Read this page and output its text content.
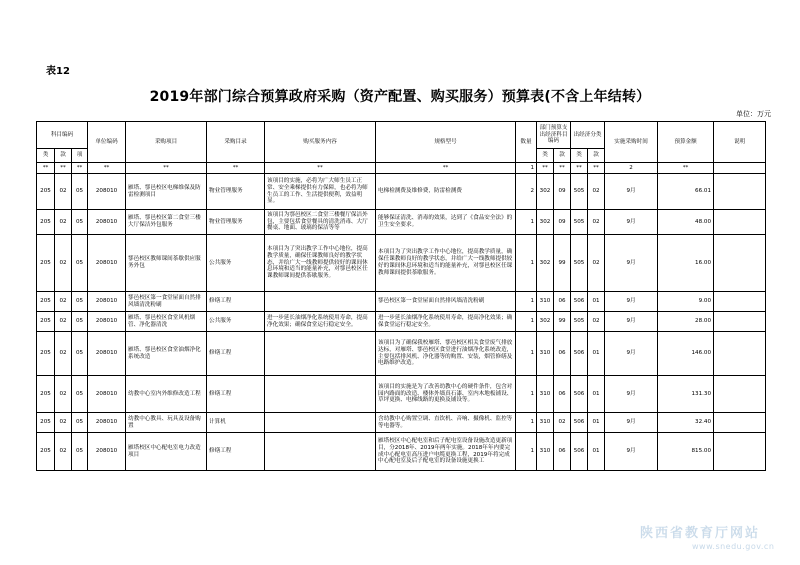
表12
2019年部门综合预算政府采购（资产配置、购买服务）预算表(不含上年结转）
单位：万元
科目编码			单位编码	采购项目	采购目录	购买服务内容	规格型号	数量	部门预算支出经济科目编码		出经济分类		实施采购时间	预算金额	说明
类	款	项							类	款	类	款			
**	**	**	**	**	**	**	**	1	**	**	**	**	2	**	
205	02	05	208010	雁塔、鄠邑校区电梯维保及防雷检测项目	物业管理服务	该项目的实施，必将为广大师生员工正常、安全乘梯提供有力保障，也必将为师生员工的工作、生活提供便利，效益明显。	电梯检测费及维修费，防雷检测费	2	302	09	505	02	9月	66.01	
205	02	05	208010	雁塔、鄠邑校区第二食堂三楼大厅保洁外包服务	物业管理服务	该项目为鄠邑校区二食堂三楼餐厅保洁外包，主要包括食堂餐具的清洗消毒、大厅餐桌、地面、玻璃的保洁等等	能够保证清洗、消毒的效果，达到了《食品安全法》的卫生安全要求。	1	302	09	505	02	9月	48.00	
205	02	05	208010	鄠邑校区教师课间茶歇供应服务外包	公共服务	本项目为了突出教学工作中心地位，提高教学质量，确保任课教师良好的教学状态，并给广大一线教师提供较好的课间休息环境和适当的能量补充，对鄠邑校区任课教师课间提供茶歇服务。	本项目为了突出教学工作中心地位，提高教学质量，确保任课教师良好的教学状态，并给广大一线教师提供较好的课间休息环境和适当的能量补充，对鄠邑校区任课教师课间提供茶歇服务。	1	302	99	505	02	9月	16.00	
205	02	05	208010	鄠邑校区第一食堂屋面自然排风墙清洗粉刷	修缮工程		鄠邑校区第一食堂屋面自然排风墙清洗粉刷	1	310	06	506	01	9月	9.00	
205	02	05	208010	雁塔、鄠邑校区食堂风机烟管、净化器清洗	公共服务	进一步延长油烟净化系统使用寿命，提高净化效果；确保食堂运行稳定安全。	进一步延长油烟净化系统使用寿命，提高净化效果；确保食堂运行稳定安全。	1	302	99	505	02	9月	28.00	
205	02	05	208010	雁塔、鄠邑校区食堂油烟净化系统改造	修缮工程		该项目为了确保我校雁塔、鄠邑校区相关食堂废气排放达标，对雁塔、鄠邑校区食堂进行油烟净化系统改造，主要包括排风机、净化器等的购置、安装，烟管修缮及电路维护改造。	1	310	06	506	01	9月	146.00	
205	02	05	208010	幼教中心室内外维修改造工程	修缮工程		该项目的实施是为了改善幼教中心的硬件条件，包含对园内路面的改造、楼体外墙真石漆、室内木地板铺设、草坪更换、电梯线路的更换及铺设等。	1	310	06	506	01	9月	131.30	
205	02	05	208010	幼教中心教具、玩具及设备购置	计算机		含幼教中心购置空调、直饮机、音响、摄像机、监控等等电器等。	1	310	02	506	01	9月	32.40	
205	02	05	208010	雁塔校区中心配电室电力改造项目	修缮工程		雁塔校区中心配电室和后子配电室设备设施改造更新项目，分2018年、2019年两年实施。2018年年内要完成中心配电室高压进户电缆更换工程，2019年将完成中心配电室及后子配电室的设备设施更换工	1	310	06	506	01	9月	815.00	
陕西省教育厅网站
www.snedu.gov.cn
